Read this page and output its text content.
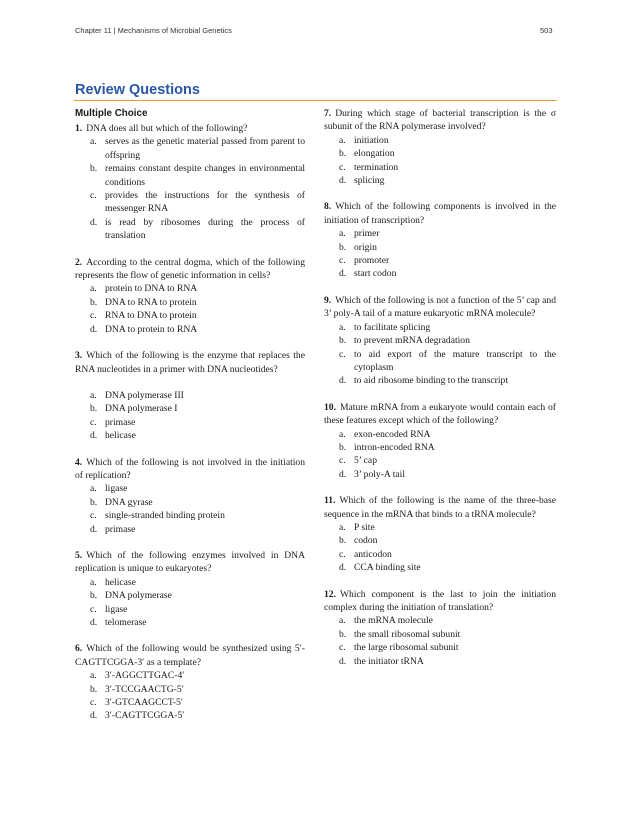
Chapter 11 | Mechanisms of Microbial Genetics	503
Review Questions
Multiple Choice
1. DNA does all but which of the following?
a. serves as the genetic material passed from parent to offspring
b. remains constant despite changes in environmental conditions
c. provides the instructions for the synthesis of messenger RNA
d. is read by ribosomes during the process of translation
2. According to the central dogma, which of the following represents the flow of genetic information in cells?
a. protein to DNA to RNA
b. DNA to RNA to protein
c. RNA to DNA to protein
d. DNA to protein to RNA
3. Which of the following is the enzyme that replaces the RNA nucleotides in a primer with DNA nucleotides?
a. DNA polymerase III
b. DNA polymerase I
c. primase
d. helicase
4. Which of the following is not involved in the initiation of replication?
a. ligase
b. DNA gyrase
c. single-stranded binding protein
d. primase
5. Which of the following enzymes involved in DNA replication is unique to eukaryotes?
a. helicase
b. DNA polymerase
c. ligase
d. telomerase
6. Which of the following would be synthesized using 5′-CAGTTCGGA-3′ as a template?
a. 3′-AGGCTTGAC-4′
b. 3′-TCCGAACTG-5′
c. 3′-GTCAAGCCT-5′
d. 3′-CAGTTCGGA-5′
7. During which stage of bacterial transcription is the σ subunit of the RNA polymerase involved?
a. initiation
b. elongation
c. termination
d. splicing
8. Which of the following components is involved in the initiation of transcription?
a. primer
b. origin
c. promoter
d. start codon
9. Which of the following is not a function of the 5’ cap and 3’ poly-A tail of a mature eukaryotic mRNA molecule?
a. to facilitate splicing
b. to prevent mRNA degradation
c. to aid export of the mature transcript to the cytoplasm
d. to aid ribosome binding to the transcript
10. Mature mRNA from a eukaryote would contain each of these features except which of the following?
a. exon-encoded RNA
b. intron-encoded RNA
c. 5’ cap
d. 3’ poly-A tail
11. Which of the following is the name of the three-base sequence in the mRNA that binds to a tRNA molecule?
a. P site
b. codon
c. anticodon
d. CCA binding site
12. Which component is the last to join the initiation complex during the initiation of translation?
a. the mRNA molecule
b. the small ribosomal subunit
c. the large ribosomal subunit
d. the initiator tRNA
